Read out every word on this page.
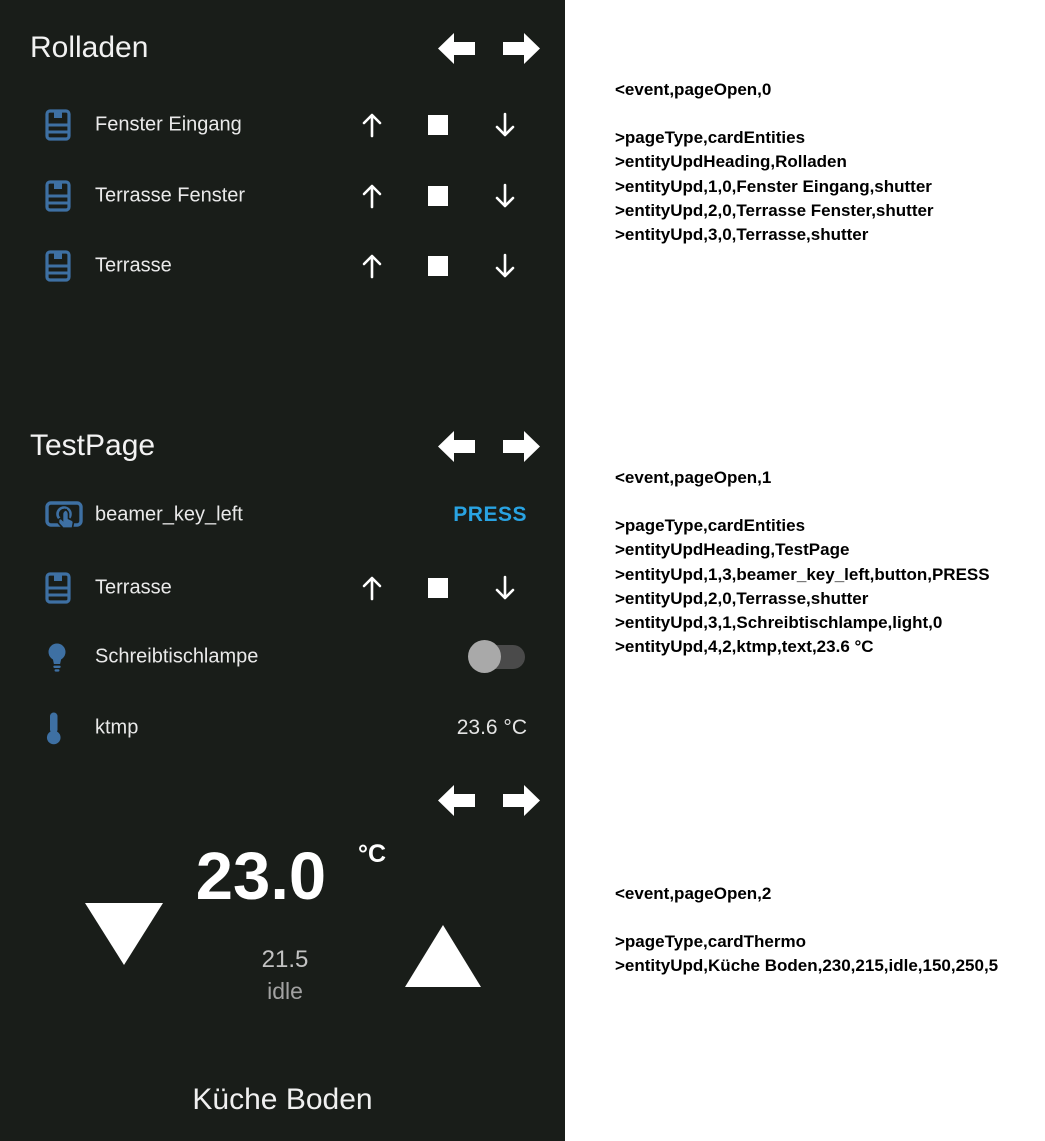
Rolladen
Fenster Eingang
Terrasse Fenster
Terrasse
TestPage
beamer_key_left	PRESS
Terrasse
Schreibtischlampe
ktmp	23.6 °C
23.0	°C
21.5
idle
Küche Boden
<event,pageOpen,0
>pageType,cardEntities
>entityUpdHeading,Rolladen
>entityUpd,1,0,Fenster Eingang,shutter
>entityUpd,2,0,Terrasse Fenster,shutter
>entityUpd,3,0,Terrasse,shutter
<event,pageOpen,1
>pageType,cardEntities
>entityUpdHeading,TestPage
>entityUpd,1,3,beamer_key_left,button,PRESS
>entityUpd,2,0,Terrasse,shutter
>entityUpd,3,1,Schreibtischlampe,light,0
>entityUpd,4,2,ktmp,text,23.6 °C
<event,pageOpen,2
>pageType,cardThermo
>entityUpd,Küche Boden,230,215,idle,150,250,5
